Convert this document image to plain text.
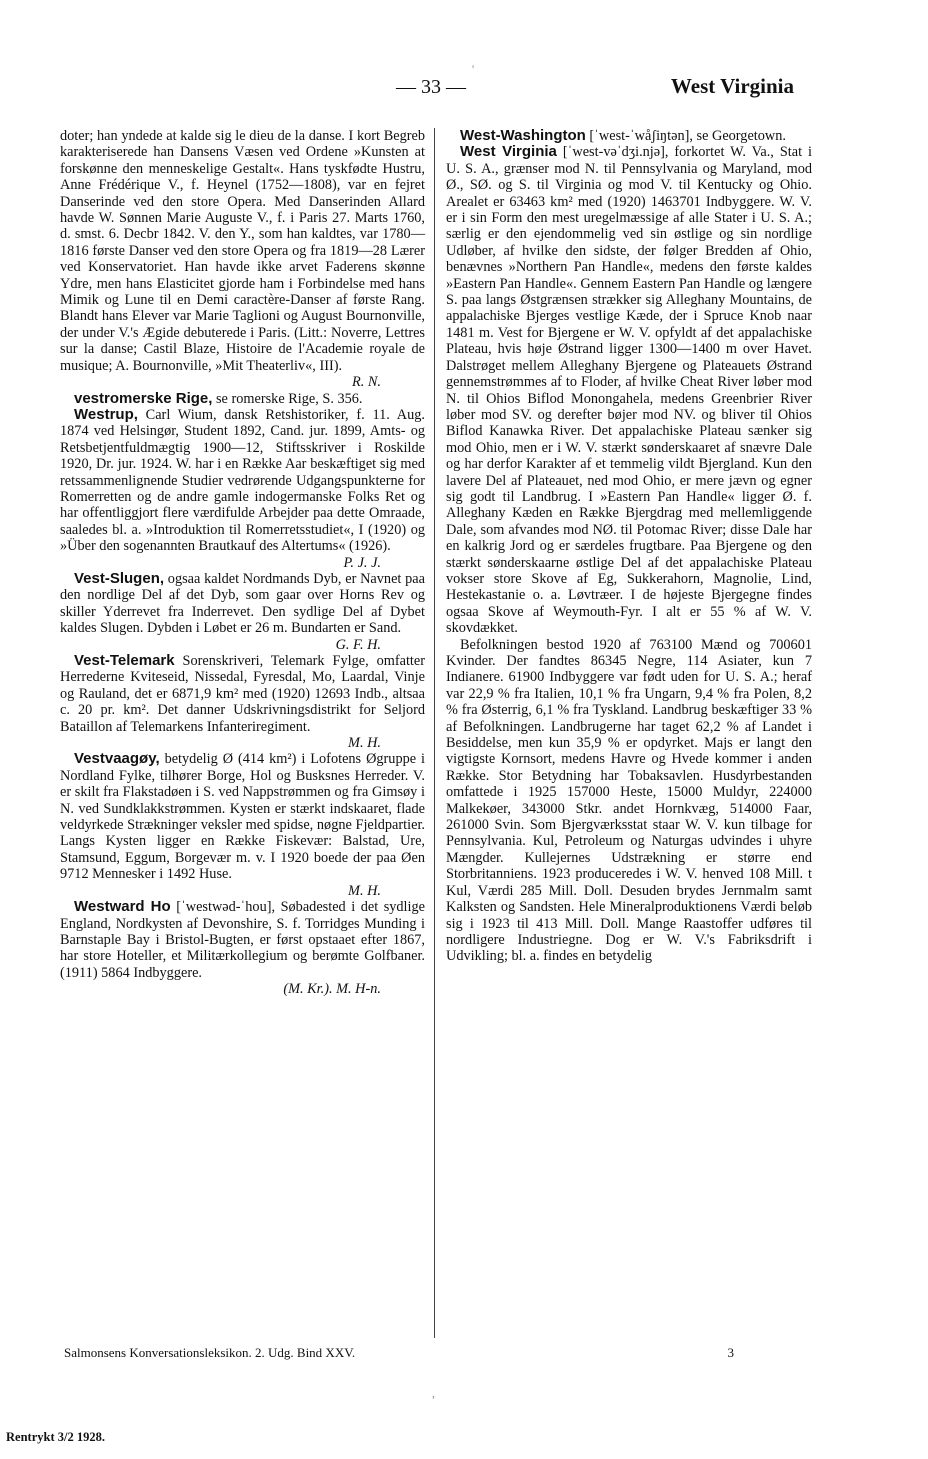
'
,
— 33 —	West Virginia

doter; han yndede at kalde sig le dieu de la danse. I kort Begreb karakteriserede han Dansens Væsen ved Ordene »Kunsten at forskønne den menneskelige Gestalt«. Hans tyskfødte Hustru, Anne Frédérique V., f. Heynel (1752—1808), var en fejret Danserinde ved den store Opera. Med Danserinden Allard havde W. Sønnen Marie Auguste V., f. i Paris 27. Marts 1760, d. smst. 6. Decbr 1842. V. den Y., som han kaldtes, var 1780—1816 første Danser ved den store Opera og fra 1819—28 Lærer ved Konservatoriet. Han havde ikke arvet Faderens skønne Ydre, men hans Elasticitet gjorde ham i Forbindelse med hans Mimik og Lune til en Demi caractère-Danser af første Rang. Blandt hans Elever var Marie Taglioni og August Bournonville, der under V.'s Ægide debuterede i Paris. (Litt.: Noverre, Lettres sur la danse; Castil Blaze, Histoire de l'Academie royale de musique; A. Bournonville, »Mit Theaterliv«, III).
R. N.

vestromerske Rige, se romerske Rige, S. 356.

Westrup, Carl Wium, dansk Retshistoriker, f. 11. Aug. 1874 ved Helsingør, Student 1892, Cand. jur. 1899, Amts- og Retsbetjentfuldmægtig 1900—12, Stiftsskriver i Roskilde 1920, Dr. jur. 1924. W. har i en Række Aar beskæftiget sig med retssammenlignende Studier vedrørende Udgangspunkterne for Romerretten og de andre gamle indogermanske Folks Ret og har offentliggjort flere værdifulde Arbejder paa dette Omraade, saaledes bl. a. »Introduktion til Romerretsstudiet«, I (1920) og »Über den sogenannten Brautkauf des Altertums« (1926).
P. J. J.

Vest-Slugen, ogsaa kaldet Nordmands Dyb, er Navnet paa den nordlige Del af det Dyb, som gaar over Horns Rev og skiller Yderrevet fra Inderrevet. Den sydlige Del af Dybet kaldes Slugen. Dybden i Løbet er 26 m. Bundarten er Sand.
G. F. H.

Vest-Telemark Sorenskriveri, Telemark Fylge, omfatter Herrederne Kviteseid, Nissedal, Fyresdal, Mo, Laardal, Vinje og Rauland, det er 6871,9 km² med (1920) 12693 Indb., altsaa c. 20 pr. km². Det danner Udskrivningsdistrikt for Seljord Bataillon af Telemarkens Infanteriregiment.
M. H.

Vestvaagøy, betydelig Ø (414 km²) i Lofotens Øgruppe i Nordland Fylke, tilhører Borge, Hol og Busksnes Herreder. V. er skilt fra Flakstadøen i S. ved Nappstrømmen og fra Gimsøy i N. ved Sundklakkstrømmen. Kysten er stærkt indskaaret, flade veldyrkede Strækninger veksler med spidse, nøgne Fjeldpartier. Langs Kysten ligger en Række Fiskevær: Balstad, Ure, Stamsund, Eggum, Borgevær m. v. I 1920 boede der paa Øen 9712 Mennesker i 1492 Huse.
M. H.

Westward Ho [ˈwestwəd-ˈhou], Søbadested i det sydlige England, Nordkysten af Devonshire, S. f. Torridges Munding i Barnstaple Bay i Bristol-Bugten, er først opstaaet efter 1867, har store Hoteller, et Militærkollegium og berømte Golfbaner. (1911) 5864 Indbyggere.
(M. Kr.). M. H-n.

West-Washington [ˈwest-ˈwåʃiŋtən], se Georgetown.

West Virginia [ˈwest-vəˈdʒi.njə], forkortet W. Va., Stat i U. S. A., grænser mod N. til Pennsylvania og Maryland, mod Ø., SØ. og S. til Virginia og mod V. til Kentucky og Ohio. Arealet er 63463 km² med (1920) 1463701 Indbyggere. W. V. er i sin Form den mest uregelmæssige af alle Stater i U. S. A.; særlig er den ejendommelig ved sin østlige og sin nordlige Udløber, af hvilke den sidste, der følger Bredden af Ohio, benævnes »Northern Pan Handle«, medens den første kaldes »Eastern Pan Handle«. Gennem Eastern Pan Handle og længere S. paa langs Østgrænsen strækker sig Alleghany Mountains, de appalachiske Bjerges vestlige Kæde, der i Spruce Knob naar 1481 m. Vest for Bjergene er W. V. opfyldt af det appalachiske Plateau, hvis høje Østrand ligger 1300—1400 m over Havet. Dalstrøget mellem Alleghany Bjergene og Plateauets Østrand gennemstrømmes af to Floder, af hvilke Cheat River løber mod N. til Ohios Biflod Monongahela, medens Greenbrier River løber mod SV. og derefter bøjer mod NV. og bliver til Ohios Biflod Kanawka River. Det appalachiske Plateau sænker sig mod Ohio, men er i W. V. stærkt sønderskaaret af snævre Dale og har derfor Karakter af et temmelig vildt Bjergland. Kun den lavere Del af Plateauet, ned mod Ohio, er mere jævn og egner sig godt til Landbrug. I »Eastern Pan Handle« ligger Ø. f. Alleghany Kæden en Række Bjergdrag med mellemliggende Dale, som afvandes mod NØ. til Potomac River; disse Dale har en kalkrig Jord og er særdeles frugtbare. Paa Bjergene og den stærkt sønderskaarne østlige Del af det appalachiske Plateau vokser store Skove af Eg, Sukkerahorn, Magnolie, Lind, Hestekastanie o. a. Løvtræer. I de højeste Bjergegne findes ogsaa Skove af Weymouth-Fyr. I alt er 55 % af W. V. skovdækket.

Befolkningen bestod 1920 af 763100 Mænd og 700601 Kvinder. Der fandtes 86345 Negre, 114 Asiater, kun 7 Indianere. 61900 Indbyggere var født uden for U. S. A.; heraf var 22,9 % fra Italien, 10,1 % fra Ungarn, 9,4 % fra Polen, 8,2 % fra Østerrig, 6,1 % fra Tyskland. Landbrug beskæftiger 33 % af Befolkningen. Landbrugerne har taget 62,2 % af Landet i Besiddelse, men kun 35,9 % er opdyrket. Majs er langt den vigtigste Kornsort, medens Havre og Hvede kommer i anden Række. Stor Betydning har Tobaksavlen. Husdyrbestanden omfattede i 1925 157000 Heste, 15000 Muldyr, 224000 Malkekøer, 343000 Stkr. andet Hornkvæg, 514000 Faar, 261000 Svin. Som Bjergværksstat staar W. V. kun tilbage for Pennsylvania. Kul, Petroleum og Naturgas udvindes i uhyre Mængder. Kullejernes Udstrækning er større end Storbritanniens. 1923 produceredes i W. V. henved 108 Mill. t Kul, Værdi 285 Mill. Doll. Desuden brydes Jernmalm samt Kalksten og Sandsten. Hele Mineralproduktionens Værdi beløb sig i 1923 til 413 Mill. Doll. Mange Raastoffer udføres til nordligere Industriegne. Dog er W. V.'s Fabriksdrift i Udvikling; bl. a. findes en betydelig

Salmonsens Konversationsleksikon. 2. Udg. Bind XXV.	3
Rentrykt 3/2 1928.
